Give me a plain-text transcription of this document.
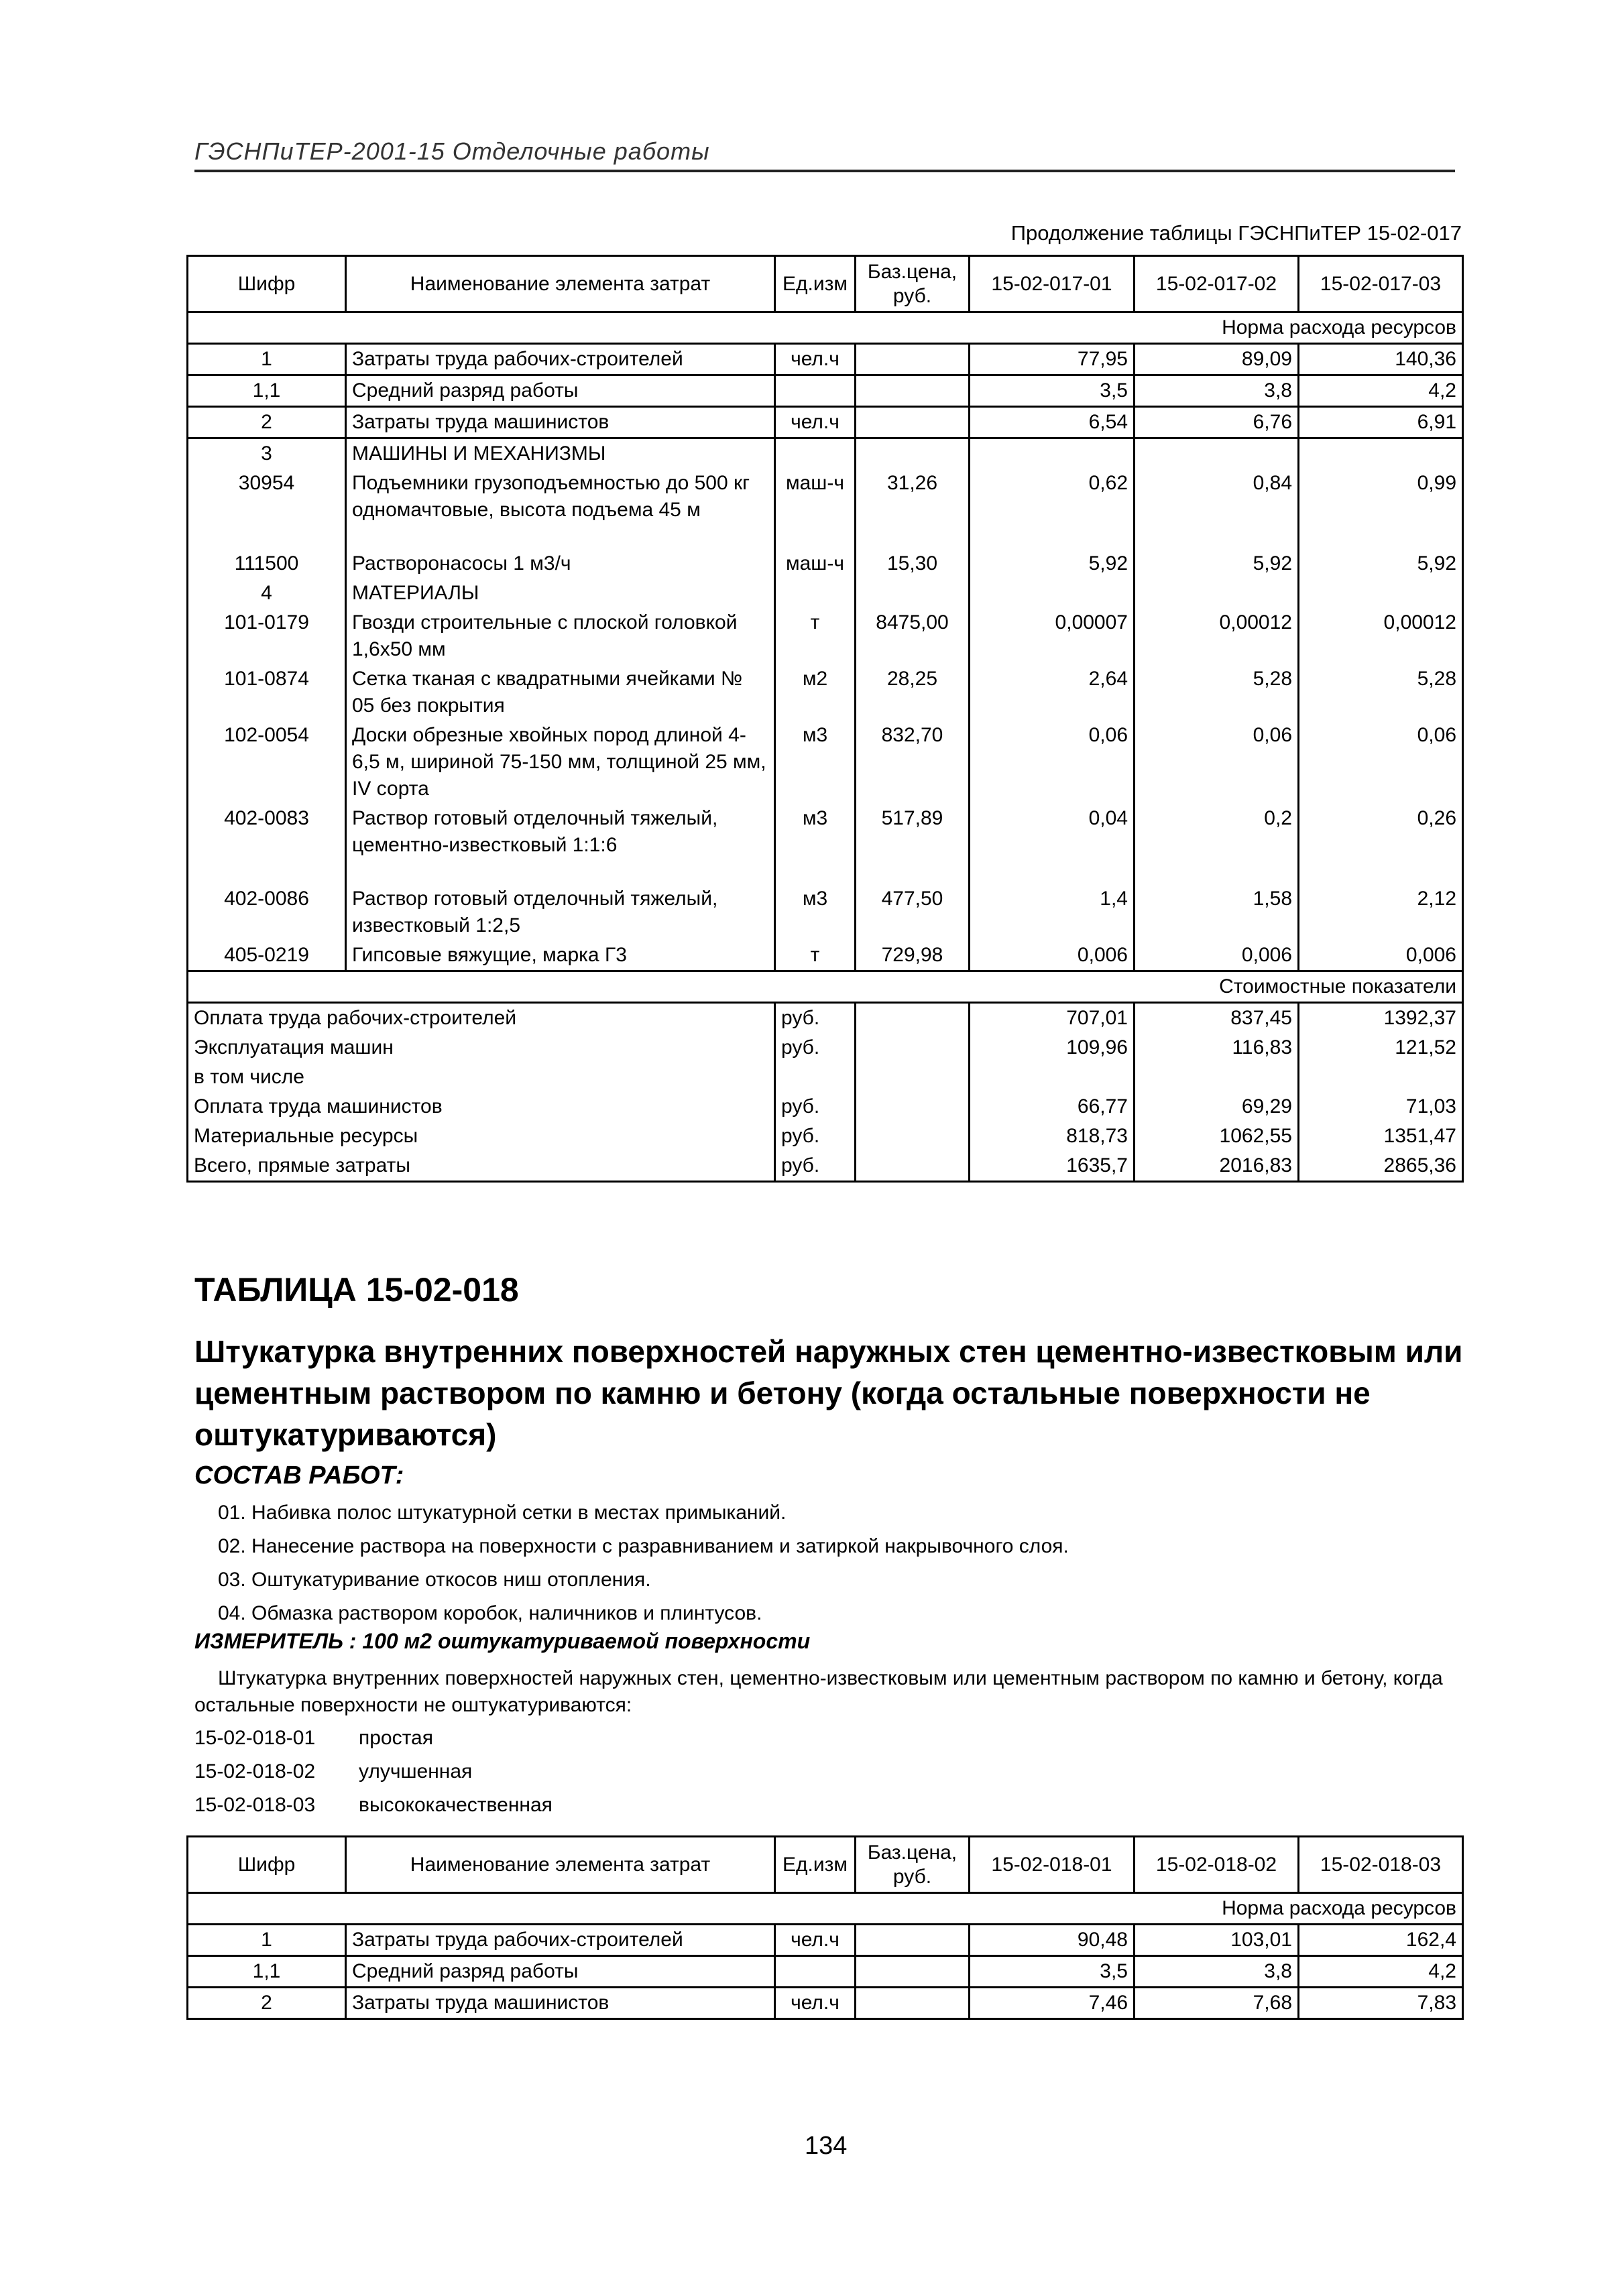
ГЭСНПиТЕР-2001-15 Отделочные работы
Продолжение таблицы ГЭСНПиТЕР 15-02-017
Шифр	Наименование элемента затрат	Ед.изм	Баз.цена, руб.	15-02-017-01	15-02-017-02	15-02-017-03
Норма расхода ресурсов						
1	Затраты труда рабочих-строителей	чел.ч		77,95	89,09	140,36
1,1	Средний разряд работы			3,5	3,8	4,2
2	Затраты труда машинистов	чел.ч		6,54	6,76	6,91
3	МАШИНЫ И МЕХАНИЗМЫ					
30954	Подъемники грузоподъемностью до 500 кг одномачтовые, высота подъема 45 м	маш-ч	31,26	0,62	0,84	0,99
111500	Растворонасосы 1 м3/ч	маш-ч	15,30	5,92	5,92	5,92
4	МАТЕРИАЛЫ					
101-0179	Гвозди строительные с плоской головкой 1,6х50 мм	т	8475,00	0,00007	0,00012	0,00012
101-0874	Сетка тканая с квадратными ячейками № 05 без покрытия	м2	28,25	2,64	5,28	5,28
102-0054	Доски обрезные хвойных пород длиной 4-6,5 м, шириной 75-150 мм, толщиной 25 мм, IV сорта	м3	832,70	0,06	0,06	0,06
402-0083	Раствор готовый отделочный тяжелый, цементно-известковый 1:1:6	м3	517,89	0,04	0,2	0,26
402-0086	Раствор готовый отделочный тяжелый, известковый 1:2,5	м3	477,50	1,4	1,58	2,12
405-0219	Гипсовые вяжущие, марка Г3	т	729,98	0,006	0,006	0,006
Стоимостные показатели						
Оплата труда рабочих-строителей		руб.		707,01	837,45	1392,37
Эксплуатация машин		руб.		109,96	116,83	121,52
в том числе						
Оплата труда машинистов		руб.		66,77	69,29	71,03
Материальные ресурсы		руб.		818,73	1062,55	1351,47
Всего, прямые затраты		руб.		1635,7	2016,83	2865,36
ТАБЛИЦА 15-02-018
Штукатурка внутренних поверхностей наружных стен цементно-известковым или цементным раствором по камню и бетону (когда остальные поверхности не оштукатуриваются)
СОСТАВ РАБОТ:
01. Набивка полос штукатурной сетки в местах примыканий.
02. Нанесение раствора на поверхности с разравниванием и затиркой накрывочного слоя.
03. Оштукатуривание откосов ниш отопления.
04. Обмазка раствором коробок, наличников и плинтусов.
ИЗМЕРИТЕЛЬ : 100 м2 оштукатуриваемой поверхности
Штукатурка внутренних поверхностей наружных стен, цементно-известковым или цементным раствором по камню и бетону, когда остальные поверхности не оштукатуриваются:
15-02-018-01 простая
15-02-018-02 улучшенная
15-02-018-03 высококачественная
Шифр	Наименование элемента затрат	Ед.изм	Баз.цена, руб.	15-02-018-01	15-02-018-02	15-02-018-03
Норма расхода ресурсов						
1	Затраты труда рабочих-строителей	чел.ч		90,48	103,01	162,4
1,1	Средний разряд работы			3,5	3,8	4,2
2	Затраты труда машинистов	чел.ч		7,46	7,68	7,83
134
